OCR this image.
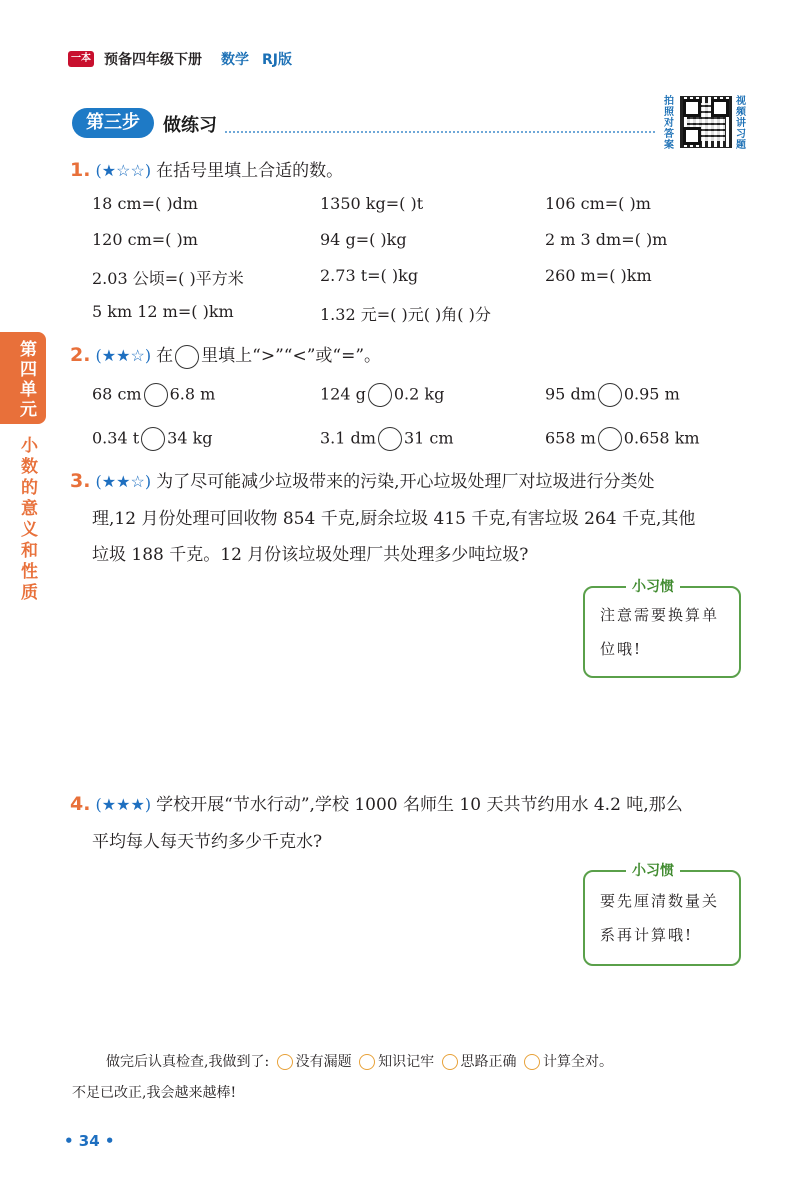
一本 预备四年级下册 数学 RJ版
第三步	做练习
拍照对答案
视频讲习题
第四单元
小数的意义和性质
1. (★☆☆) 在括号里填上合适的数。
18 cm=( )dm	1350 kg=( )t	106 cm=( )m
120 cm=( )m	94 g=( )kg	2 m 3 dm=( )m
2.03 公顷=( )平方米	2.73 t=( )kg	260 m=( )km
5 km 12 m=( )km	1.32 元=( )元( )角( )分
2. (★★☆) 在 里填上“>”“<”或“=”。
68 cm 6.8 m	124 g 0.2 kg	95 dm 0.95 m
0.34 t 34 kg	3.1 dm 31 cm	658 m 0.658 km
3. (★★☆) 为了尽可能减少垃圾带来的污染,开心垃圾处理厂对垃圾进行分类处
理,12 月份处理可回收物 854 千克,厨余垃圾 415 千克,有害垃圾 264 千克,其他
垃圾 188 千克。12 月份该垃圾处理厂共处理多少吨垃圾?
小习惯
注意需要换算单
位哦!
4. (★★★) 学校开展“节水行动”,学校 1000 名师生 10 天共节约用水 4.2 吨,那么
平均每人每天节约多少千克水?
小习惯
要先厘清数量关
系再计算哦!
做完后认真检查,我做到了: 没有漏题 知识记牢 思路正确 计算全对。
不足已改正,我会越来越棒!
• 34 •
